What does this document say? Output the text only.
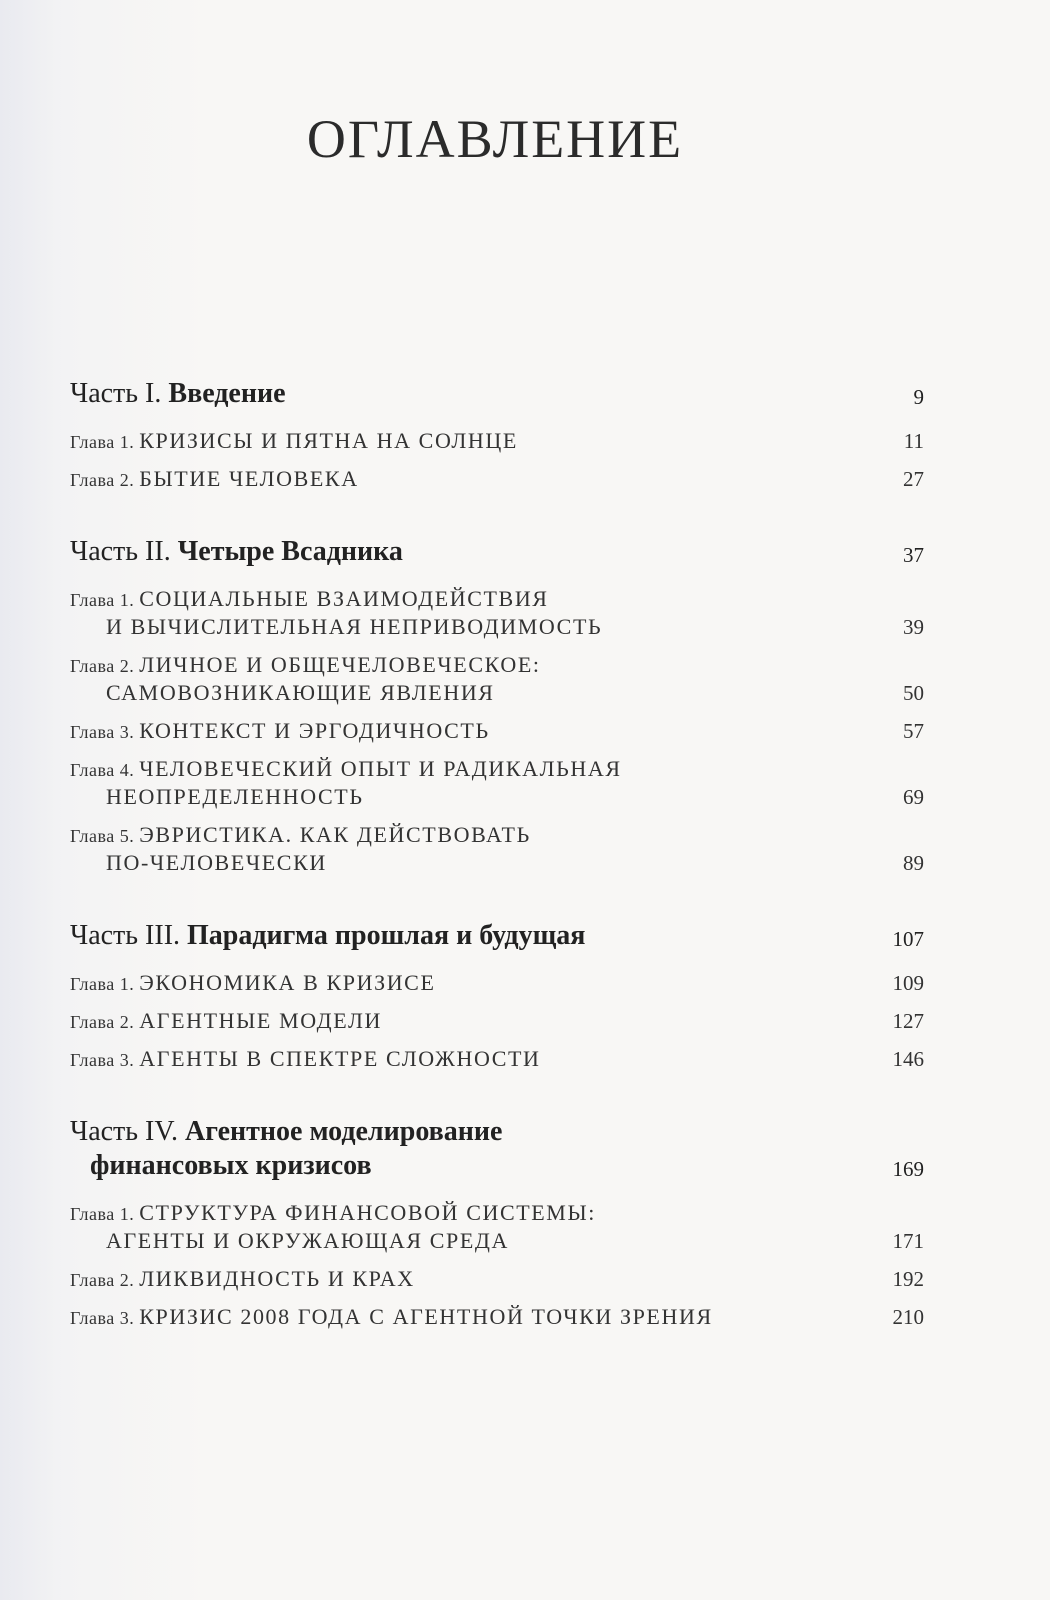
ОГЛАВЛЕНИЕ
Часть I. Введение	9
Глава 1. КРИЗИСЫ И ПЯТНА НА СОЛНЦЕ	11
Глава 2. БЫТИЕ ЧЕЛОВЕКА	27
Часть II. Четыре Всадника	37
Глава 1. СОЦИАЛЬНЫЕ ВЗАИМОДЕЙСТВИЯ
И ВЫЧИСЛИТЕЛЬНАЯ НЕПРИВОДИМОСТЬ	39
Глава 2. ЛИЧНОЕ И ОБЩЕЧЕЛОВЕЧЕСКОЕ:
САМОВОЗНИКАЮЩИЕ ЯВЛЕНИЯ	50
Глава 3. КОНТЕКСТ И ЭРГОДИЧНОСТЬ	57
Глава 4. ЧЕЛОВЕЧЕСКИЙ ОПЫТ И РАДИКАЛЬНАЯ
НЕОПРЕДЕЛЕННОСТЬ	69
Глава 5. ЭВРИСТИКА. КАК ДЕЙСТВОВАТЬ
ПО-ЧЕЛОВЕЧЕСКИ	89
Часть III. Парадигма прошлая и будущая	107
Глава 1. ЭКОНОМИКА В КРИЗИСЕ	109
Глава 2. АГЕНТНЫЕ МОДЕЛИ	127
Глава 3. АГЕНТЫ В СПЕКТРЕ СЛОЖНОСТИ	146
Часть IV. Агентное моделирование
финансовых кризисов	169
Глава 1. СТРУКТУРА ФИНАНСОВОЙ СИСТЕМЫ:
АГЕНТЫ И ОКРУЖАЮЩАЯ СРЕДА	171
Глава 2. ЛИКВИДНОСТЬ И КРАХ	192
Глава 3. КРИЗИС 2008 ГОДА С АГЕНТНОЙ ТОЧКИ ЗРЕНИЯ	210
